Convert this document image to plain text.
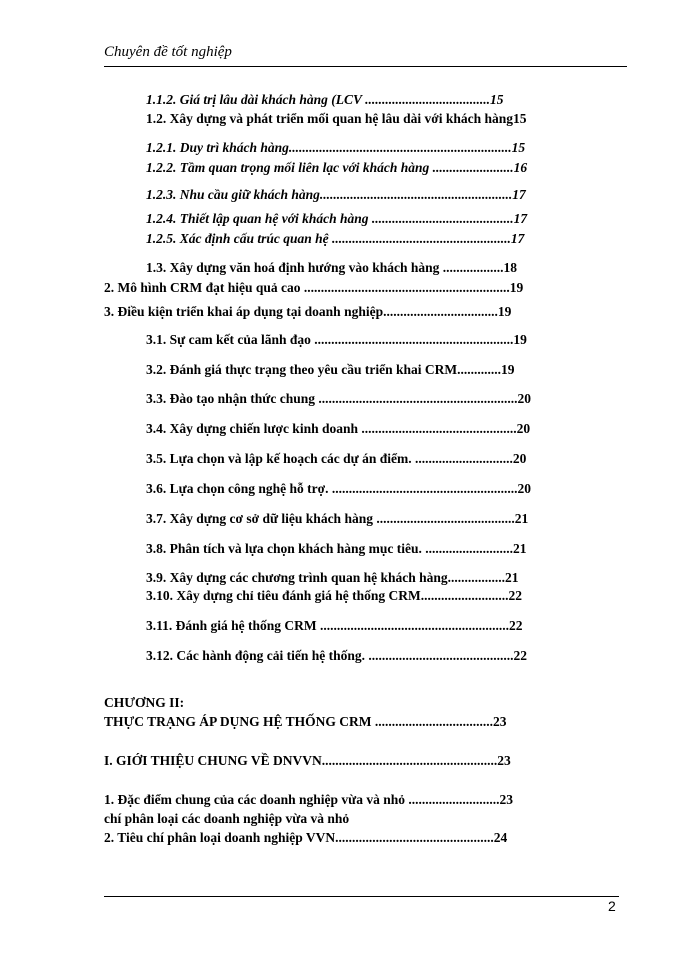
Chuyên đề tốt nghiệp
1.1.2. Giá trị lâu dài khách hàng (LCV .....................................15
1.2. Xây dựng và phát triển mối quan hệ lâu dài với khách hàng15
1.2.1. Duy trì khách hàng..................................................................15
1.2.2. Tầm quan trọng mối liên lạc với khách hàng ........................16
1.2.3. Nhu cầu giữ khách hàng.........................................................17
1.2.4. Thiết lập quan hệ với khách hàng ..........................................17
1.2.5. Xác định cấu trúc quan hệ .....................................................17
1.3. Xây dựng văn hoá định hướng vào khách hàng ..................18
2. Mô hình CRM đạt hiệu quả cao .............................................................19
3. Điều kiện triển khai áp dụng tại doanh nghiệp..................................19
3.1. Sự cam kết của lãnh đạo ...........................................................19
3.2. Đánh giá thực trạng theo yêu cầu triển khai CRM.............19
3.3. Đào tạo nhận thức chung ...........................................................20
3.4. Xây dựng chiến lược kinh doanh ..............................................20
3.5. Lựa chọn và lập kế hoạch các dự án điểm. .............................20
3.6. Lựa chọn công nghệ hỗ trợ. .......................................................20
3.7. Xây dựng cơ sở dữ liệu khách hàng .........................................21
3.8. Phân tích và lựa chọn khách hàng mục tiêu. ..........................21
3.9. Xây dựng các chương trình quan hệ khách hàng.................21
3.10. Xây dựng chỉ tiêu đánh giá hệ thống CRM..........................22
3.11. Đánh giá hệ thống CRM ........................................................22
3.12. Các hành động cải tiến hệ thống. ...........................................22
CHƯƠNG II:
THỰC TRẠNG ÁP DỤNG HỆ THỐNG CRM ...................................23
I. GIỚI THIỆU CHUNG VỀ DNVVN....................................................23
1. Đặc điểm chung của các doanh nghiệp vừa và nhỏ ...........................23
chí phân loại các doanh nghiệp vừa và nhỏ
2. Tiêu chí phân loại doanh nghiệp VVN...............................................24
2
